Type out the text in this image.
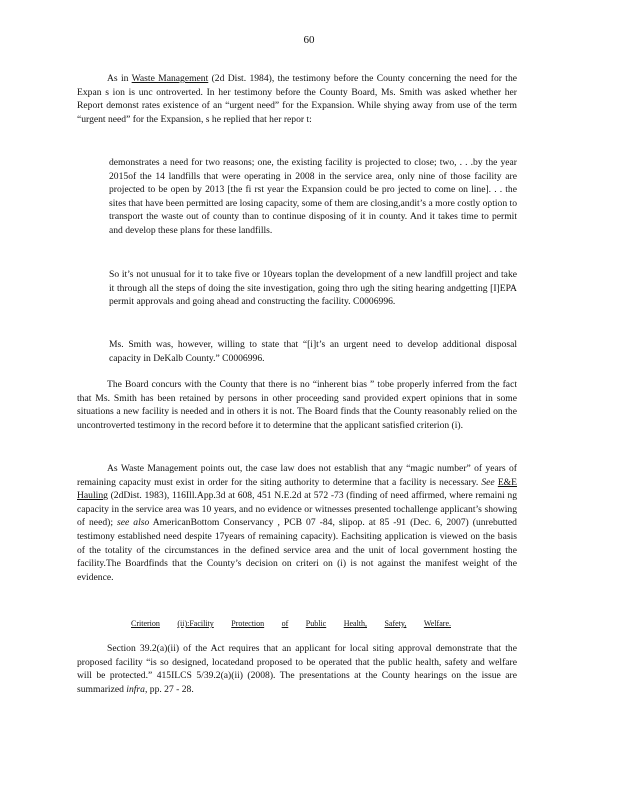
60

As in Waste Management (2d Dist. 1984), the testimony before the County concerning the need for the Expan s ion is unc ontroverted. In her testimony before the County Board, Ms. Smith was asked whether her Report demonst rates existence of an “urgent need” for the Expansion. While shying away from use of the term “urgent need” for the Expansion, s he replied that her repor t:

demonstrates a need for two reasons; one, the existing facility is projected to close; two, . . .by the year 2015of the 14 landfills that were operating in 2008 in the service area, only nine of those facility are projected to be open by 2013 [the fi rst year the Expansion could be pro jected to come on line]. . . the sites that have been permitted are losing capacity, some of them are closing,andit’s a more costly option to transport the waste out of county than to continue disposing of it in county. And it takes time to permit and develop these plans for these landfills.

So it’s not unusual for it to take five or 10years toplan the development of a new landfill project and take it through all the steps of doing the site investigation, going thro ugh the siting hearing andgetting [I]EPA permit approvals and going ahead and constructing the facility. C0006996.

Ms. Smith was, however, willing to state that “[i]t’s an urgent need to develop additional disposal capacity in DeKalb County.” C0006996.

The Board concurs with the County that there is no “inherent bias ” tobe properly inferred from the fact that Ms. Smith has been retained by persons in other proceeding sand provided expert opinions that in some situations a new facility is needed and in others it is not. The Board finds that the County reasonably relied on the uncontroverted testimony in the record before it to determine that the applicant satisfied criterion (i).

As Waste Management points out, the case law does not establish that any “magic number” of years of remaining capacity must exist in order for the siting authority to determine that a facility is necessary. See E&E Hauling (2dDist. 1983), 116Ill.App.3d at 608, 451 N.E.2d at 572 -73 (finding of need affirmed, where remaini ng capacity in the service area was 10 years, and no evidence or witnesses presented tochallenge applicant’s showing of need); see also AmericanBottom Conservancy , PCB 07 -84, slipop. at 85 -91 (Dec. 6, 2007) (unrebutted testimony established need despite 17years of remaining capacity). Eachsiting application is viewed on the basis of the totality of the circumstances in the defined service area and the unit of local government hosting the facility.The Boardfinds that the County’s decision on criteri on (i) is not against the manifest weight of the evidence.

Criterion (ii):Facility Protection of Public Health, Safety, Welfare.

Section 39.2(a)(ii) of the Act requires that an applicant for local siting approval demonstrate that the proposed facility “is so designed, locatedand proposed to be operated that the public health, safety and welfare will be protected.” 415ILCS 5/39.2(a)(ii) (2008). The presentations at the County hearings on the issue are summarized infra, pp. 27 - 28.
